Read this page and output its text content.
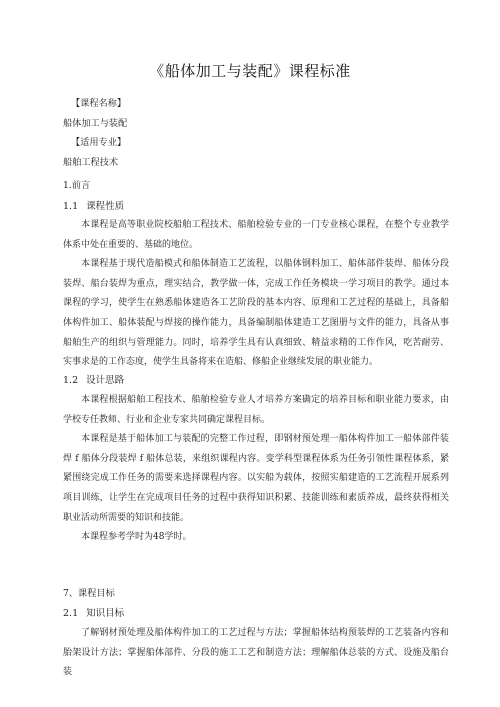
《船体加工与装配》课程标准
【课程名称】
船体加工与装配
【适用专业】
船舶工程技术
1.前言
1.1 课程性质

本课程是高等职业院校船舶工程技术、船舶检验专业的一门专业核心课程，在整个专业教学体系中处在重要的、基础的地位。

本课程基于现代造船模式和船体制造工艺流程，以船体钢料加工、船体部件装焊、船体分段装焊、船台装焊为重点，理实结合，教学做一体，完成工作任务模块一学习项目的教学。通过本课程的学习，使学生在熟悉船体建造各工艺阶段的基本内容、原理和工艺过程的基础上，具备船体构件加工、船体装配与焊接的操作能力，具备编制船体建造工艺图册与文件的能力，具备从事船舶生产的组织与管理能力。同时，培养学生具有认真细致、精益求精的工作作风，吃苦耐劳、实事求是的工作态度，使学生具备将来在造船、修船企业继续发展的职业能力。

1.2 设计思路

本课程根据船舶工程技术、船舶检验专业人才培养方案确定的培养目标和职业能力要求，由学校专任教师、行业和企业专家共同确定课程目标。

本课程是基于船体加工与装配的完整工作过程，即钢材预处理一船体构件加工一船体部件装焊 f 船体分段装焊 f 船体总装，来组织课程内容。变学科型课程体系为任务引领性课程体系，紧紧围绕完成工作任务的需要来选择课程内容。以实船为载体，按照实船建造的工艺流程开展系列项目训练，让学生在完成项目任务的过程中获得知识积累、技能训练和素质养成，最终获得相关职业活动所需要的知识和技能。

本课程参考学时为48学时。

7、课程目标
2.1 知识目标

了解钢材预处理及船体构件加工的工艺过程与方法；掌握船体结构预装焊的工艺装备内容和胎架设计方法；掌握船体部件、分段的施工工艺和制造方法；理解船体总装的方式、设施及船台装
